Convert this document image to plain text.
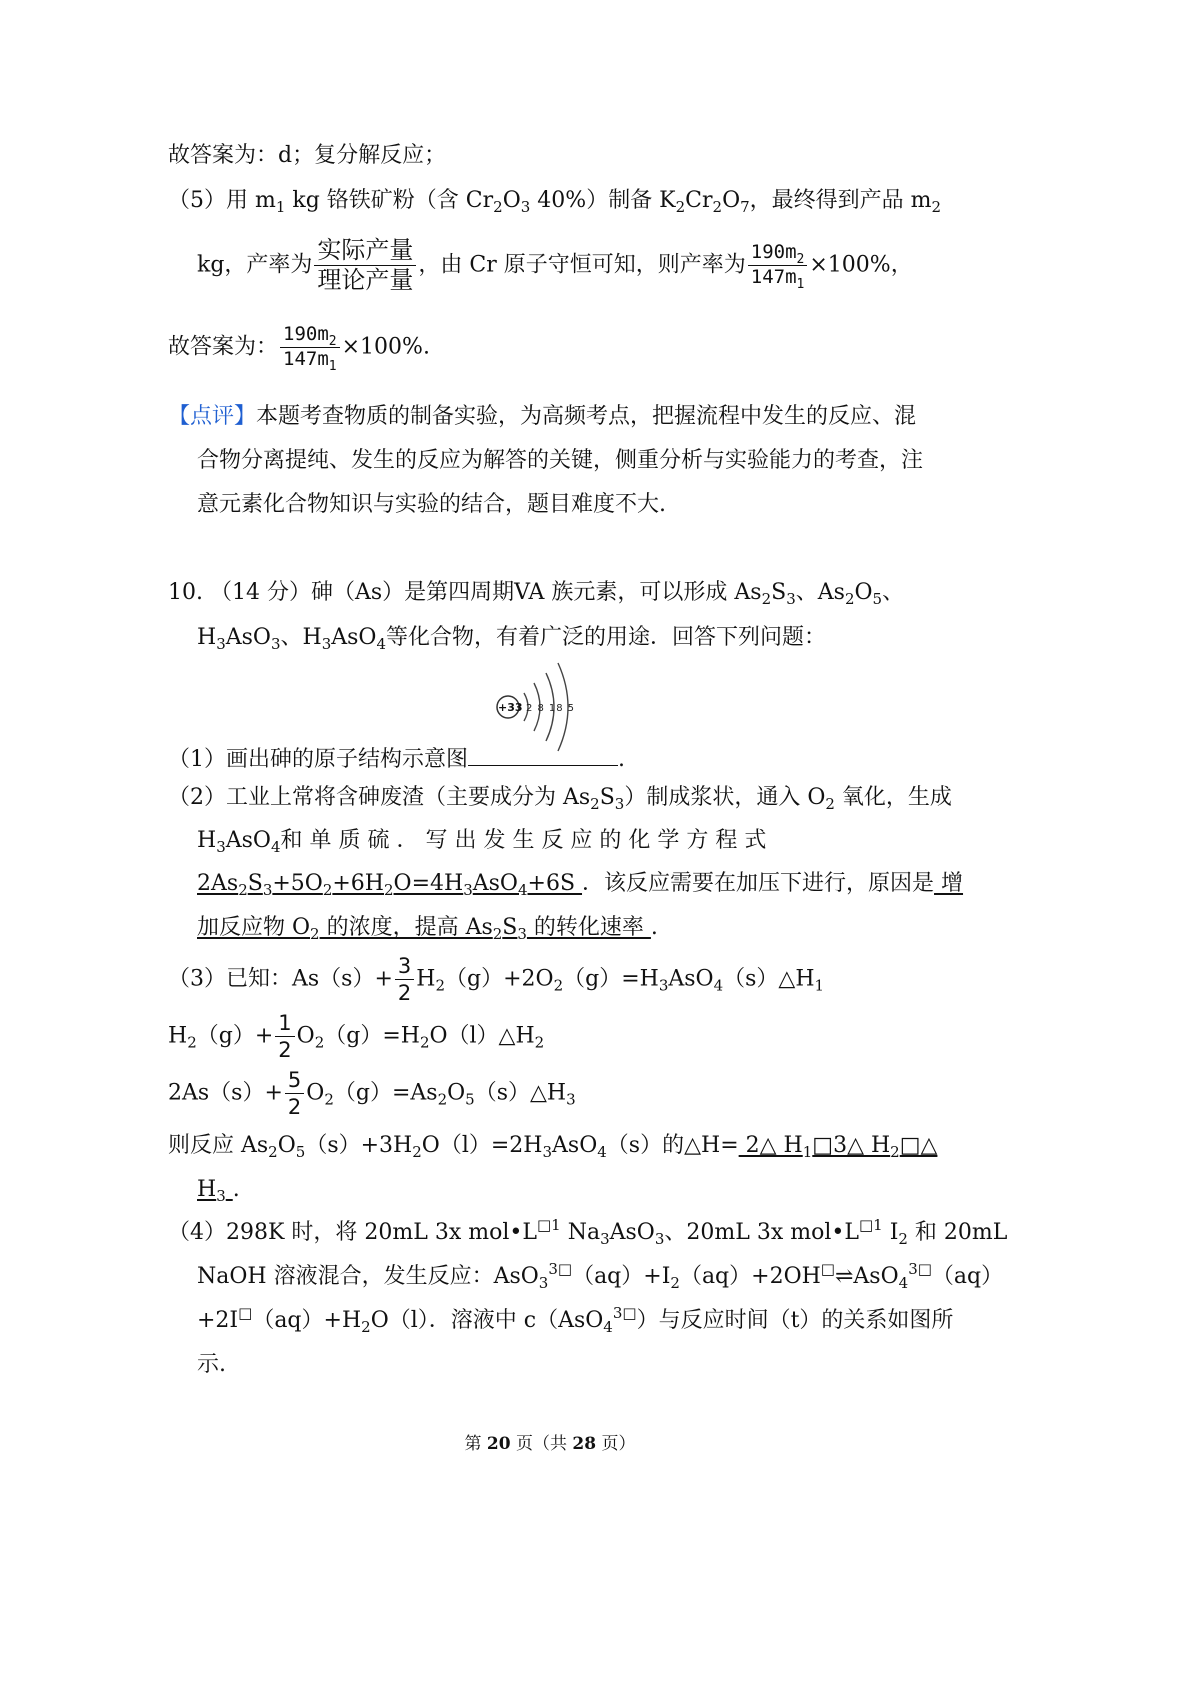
故答案为：d；复分解反应；
（5）用 $m_1$ kg 铬铁矿粉（含 $Cr_2O_3$ 40%）制备 $K_2Cr_2O_7$，最终得到产品 $m_2$
kg，产率为 $\frac{\text{实际产量}}{\text{理论产量}}$ ，由 Cr 原子守恒可知，则产率为 $\frac{190m_2}{147m_1} \times 100\%$，
故答案为： $\frac{190m_2}{147m_1} \times 100\%$.
【点评】本题考查物质的制备实验，为高频考点，把握流程中发生的反应、混
合物分离提纯、发生的反应为解答的关键，侧重分析与实验能力的考查，注
意元素化合物知识与实验的结合，题目难度不大.
10. （14 分）砷（As）是第四周期VA 族元素，可以形成 $As_2S_3$、$As_2O_5$、
$H_3AsO_3$、$H_3AsO_4$等化合物，有着广泛的用途．回答下列问题：
+33 2 8 18 5
（1）画出砷的原子结构示意图	.
（2）工业上常将含砷废渣（主要成分为 $As_2S_3$）制成浆状，通入 $O_2$ 氧化，生成
$H_3AsO_4$和 单 质 硫 ． 写 出 发 生 反 应 的 化 学 方 程 式
$2As_2S_3+5O_2+6H_2O=4H_3AsO_4+6S$ ．该反应需要在加压下进行，原因是 增
加反应物 $O_2$ 的浓度，提高 $As_2S_3$ 的转化速率 .
（3）已知：$As(s)+ \frac{3}{2}$ $H_2(g)+2O_2(g)=H_3AsO_4(s)\triangle H_1$
$H_2(g)+ \frac{1}{2}$ $O_2(g)=H_2O(l)\triangle H_2$
$2As(s)+ \frac{5}{2}$ $O_2(g)=As_2O_5(s)\triangle H_3$
则反应 $As_2O_5(s)+3H_2O(l)=2H_3AsO_4(s)$的△H= 2△ $H_1□3\triangle$ $H_2□\triangle$
$H_3$ .
（4）298K 时，将 20mL 3x $mol•L^{□1}$ $Na_3AsO_3$、20mL 3x $mol•L^{□1}$ $I_2$ 和 20mL
NaOH 溶液混合，发生反应：$AsO_3^{3□}(aq)+I_2(aq)+2OH^□\rightleftharpoons AsO_4^{3□}(aq)$
$+2I^□(aq)+H_2O(l)$．溶液中 c（AsO$_4^{3□}$）与反应时间（t）的关系如图所
示.
第 20 页（共 28 页）
